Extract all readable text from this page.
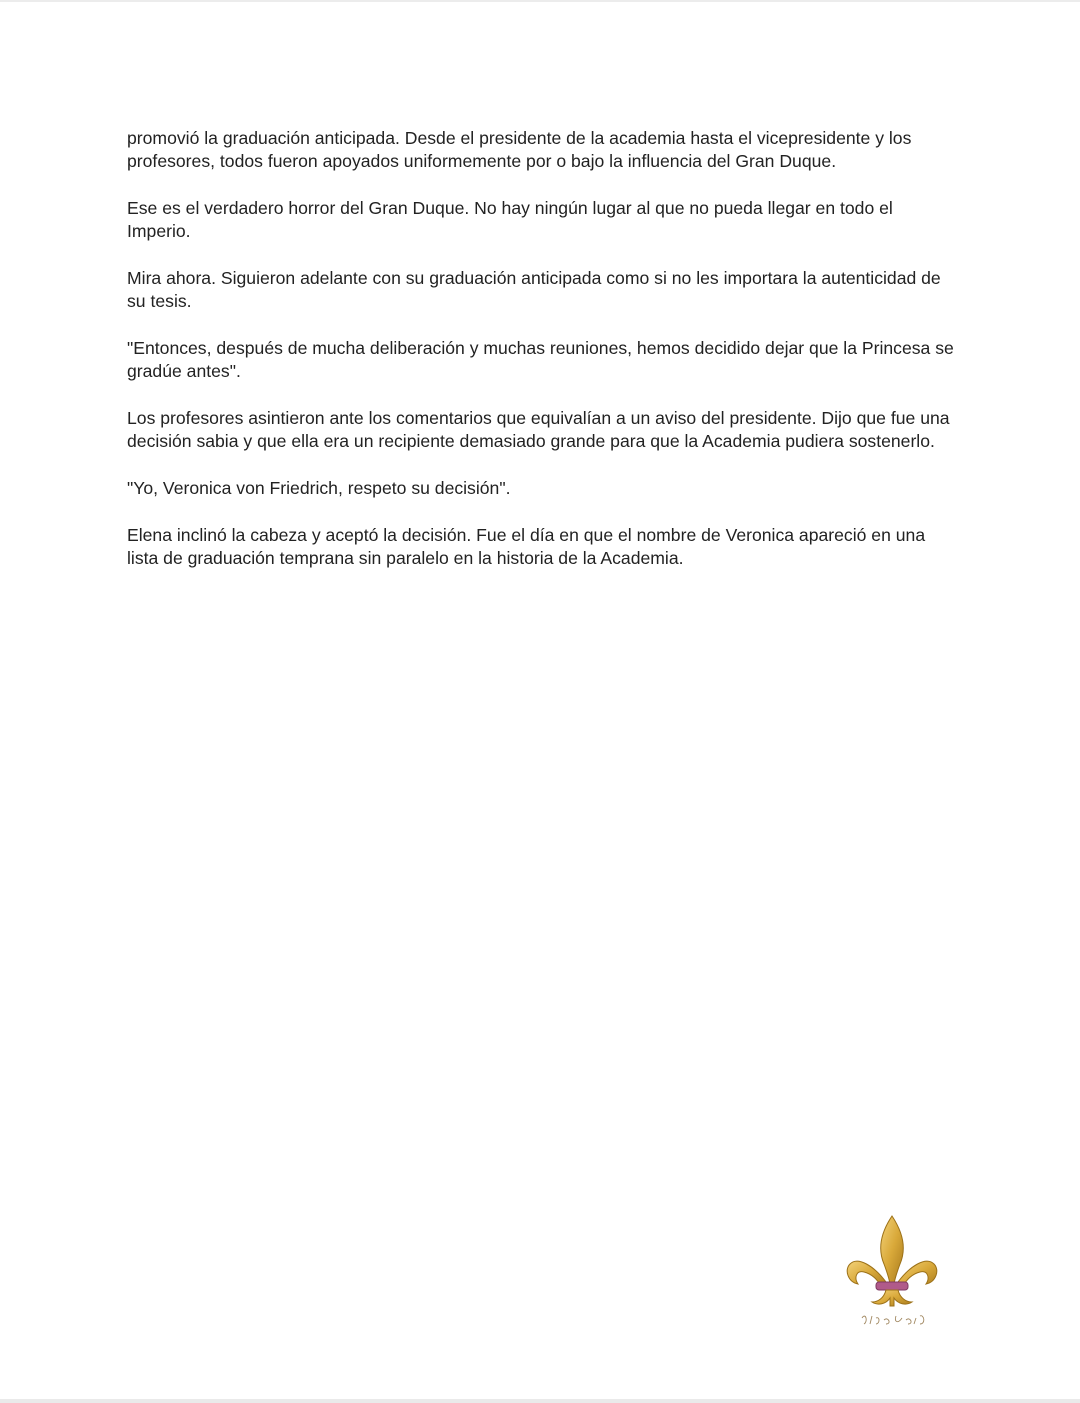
promovió la graduación anticipada. Desde el presidente de la academia hasta el vicepresidente y los profesores, todos fueron apoyados uniformemente por o bajo la influencia del Gran Duque.

Ese es el verdadero horror del Gran Duque. No hay ningún lugar al que no pueda llegar en todo el Imperio.

Mira ahora. Siguieron adelante con su graduación anticipada como si no les importara la autenticidad de su tesis.

"Entonces, después de mucha deliberación y muchas reuniones, hemos decidido dejar que la Princesa se gradúe antes".

Los profesores asintieron ante los comentarios que equivalían a un aviso del presidente. Dijo que fue una decisión sabia y que ella era un recipiente demasiado grande para que la Academia pudiera sostenerlo.

"Yo, Veronica von Friedrich, respeto su decisión".

Elena inclinó la cabeza y aceptó la decisión. Fue el día en que el nombre de Veronica apareció en una lista de graduación temprana sin paralelo en la historia de la Academia.
